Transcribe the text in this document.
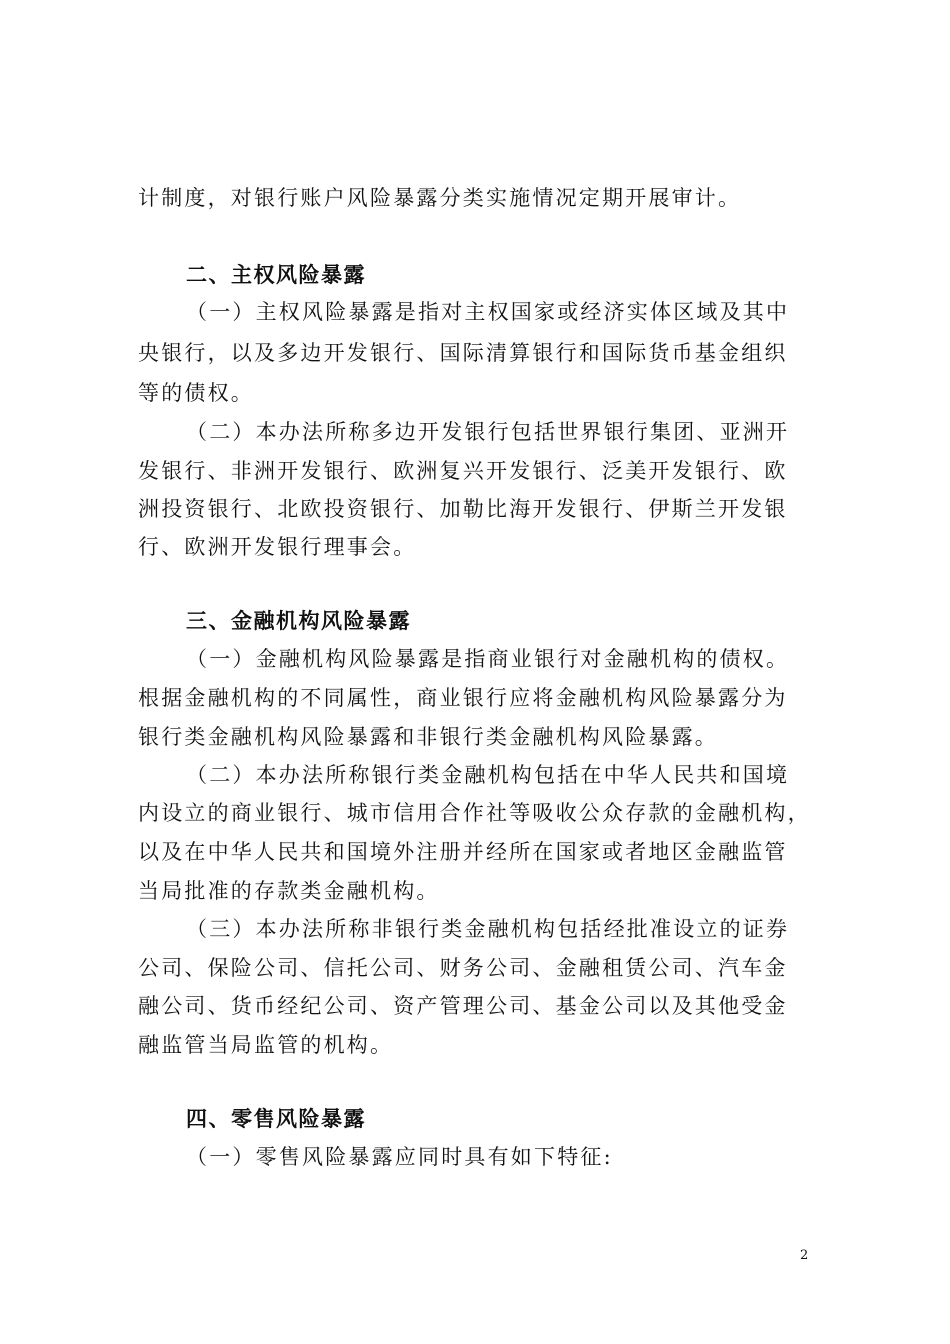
计制度，对银行账户风险暴露分类实施情况定期开展审计。
二、主权风险暴露
（一）主权风险暴露是指对主权国家或经济实体区域及其中
央银行，以及多边开发银行、国际清算银行和国际货币基金组织
等的债权。
（二）本办法所称多边开发银行包括世界银行集团、亚洲开
发银行、非洲开发银行、欧洲复兴开发银行、泛美开发银行、欧
洲投资银行、北欧投资银行、加勒比海开发银行、伊斯兰开发银
行、欧洲开发银行理事会。
三、金融机构风险暴露
（一）金融机构风险暴露是指商业银行对金融机构的债权。
根据金融机构的不同属性，商业银行应将金融机构风险暴露分为
银行类金融机构风险暴露和非银行类金融机构风险暴露。
（二）本办法所称银行类金融机构包括在中华人民共和国境
内设立的商业银行、城市信用合作社等吸收公众存款的金融机构，
以及在中华人民共和国境外注册并经所在国家或者地区金融监管
当局批准的存款类金融机构。
（三）本办法所称非银行类金融机构包括经批准设立的证券
公司、保险公司、信托公司、财务公司、金融租赁公司、汽车金
融公司、货币经纪公司、资产管理公司、基金公司以及其他受金
融监管当局监管的机构。
四、零售风险暴露
（一）零售风险暴露应同时具有如下特征:
2
